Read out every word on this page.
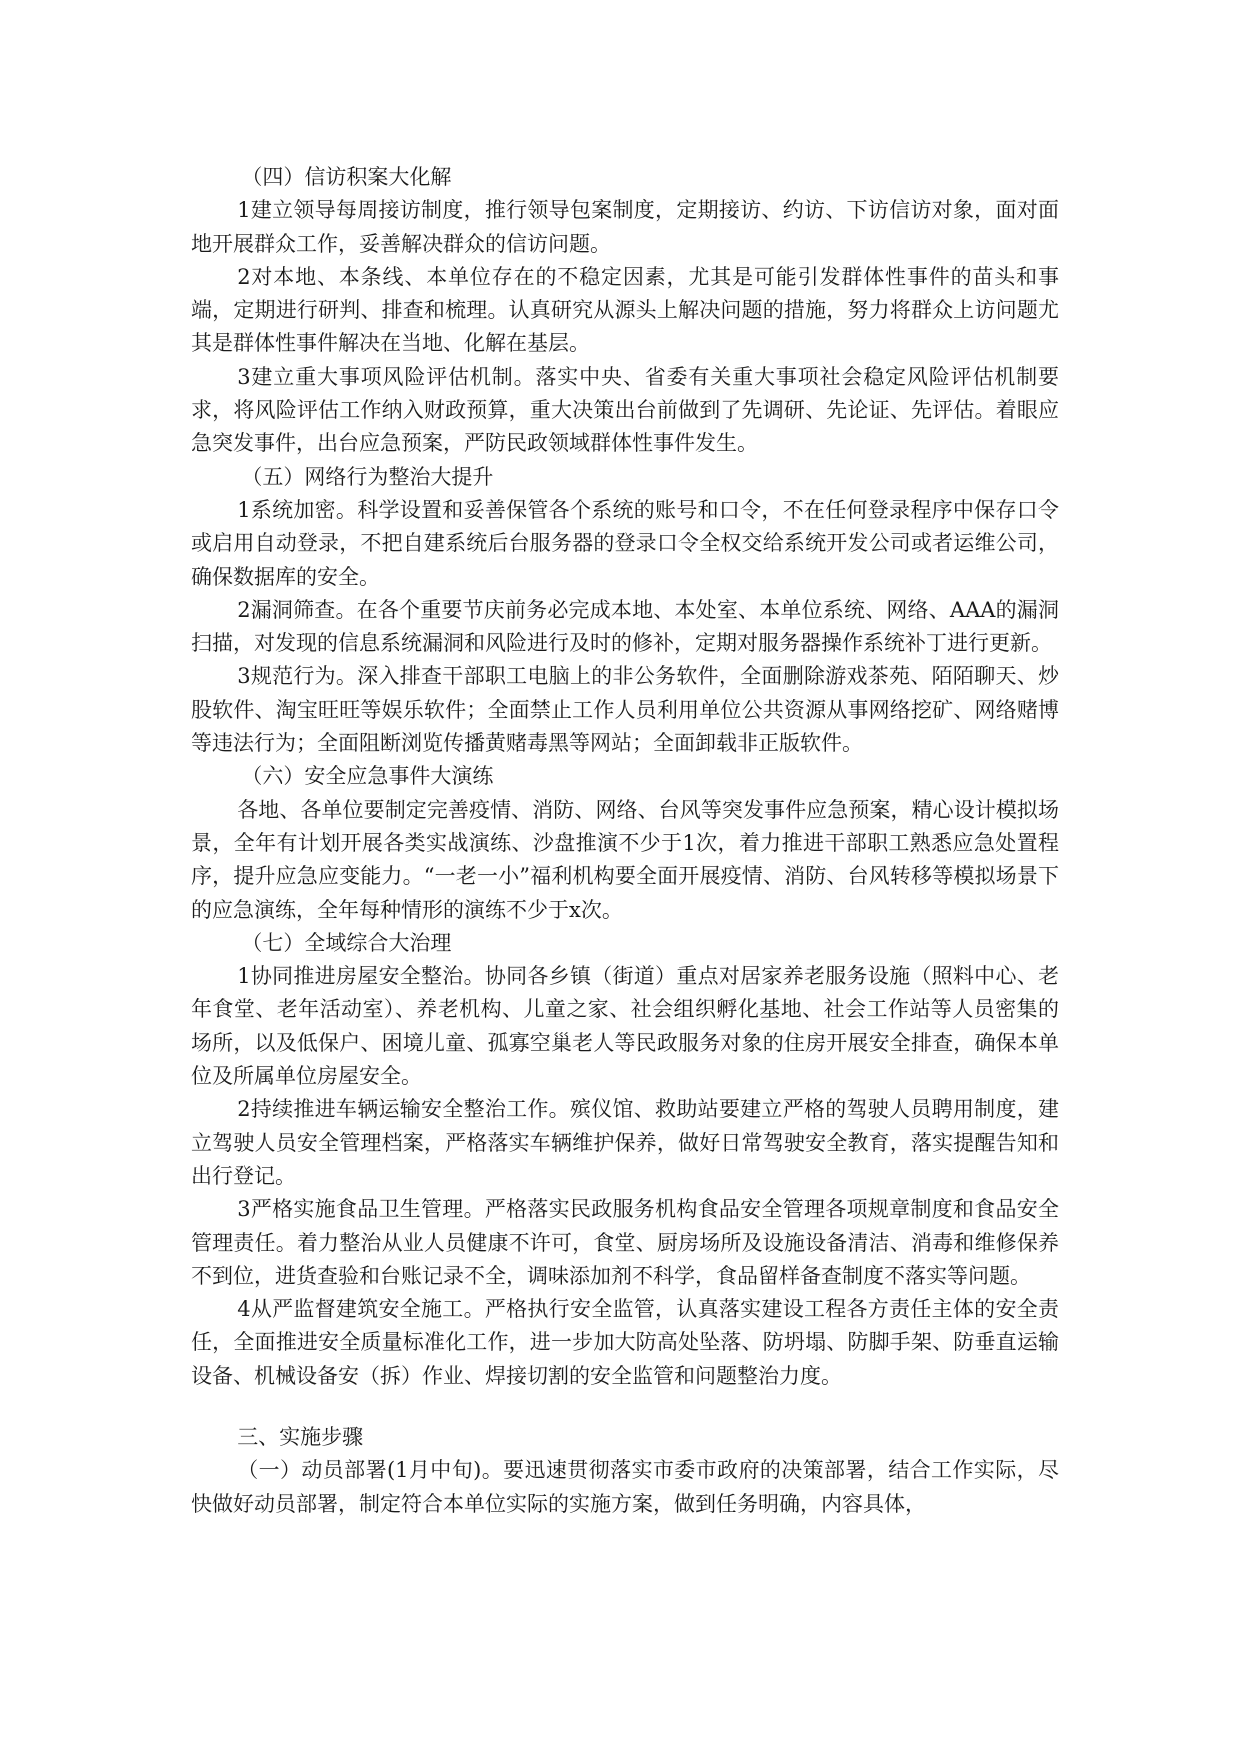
（四）信访积案大化解

1建立领导每周接访制度，推行领导包案制度，定期接访、约访、下访信访对象，面对面地开展群众工作，妥善解决群众的信访问题。

2对本地、本条线、本单位存在的不稳定因素，尤其是可能引发群体性事件的苗头和事端，定期进行研判、排查和梳理。认真研究从源头上解决问题的措施，努力将群众上访问题尤其是群体性事件解决在当地、化解在基层。

3建立重大事项风险评估机制。落实中央、省委有关重大事项社会稳定风险评估机制要求，将风险评估工作纳入财政预算，重大决策出台前做到了先调研、先论证、先评估。着眼应急突发事件，出台应急预案，严防民政领域群体性事件发生。

（五）网络行为整治大提升

1系统加密。科学设置和妥善保管各个系统的账号和口令，不在任何登录程序中保存口令或启用自动登录，不把自建系统后台服务器的登录口令全权交给系统开发公司或者运维公司，确保数据库的安全。

2漏洞筛查。在各个重要节庆前务必完成本地、本处室、本单位系统、网络、AAA的漏洞扫描，对发现的信息系统漏洞和风险进行及时的修补，定期对服务器操作系统补丁进行更新。

3规范行为。深入排查干部职工电脑上的非公务软件，全面删除游戏茶苑、陌陌聊天、炒股软件、淘宝旺旺等娱乐软件；全面禁止工作人员利用单位公共资源从事网络挖矿、网络赌博等违法行为；全面阻断浏览传播黄赌毒黑等网站；全面卸载非正版软件。

（六）安全应急事件大演练

各地、各单位要制定完善疫情、消防、网络、台风等突发事件应急预案，精心设计模拟场景，全年有计划开展各类实战演练、沙盘推演不少于1次，着力推进干部职工熟悉应急处置程序，提升应急应变能力。“一老一小”福利机构要全面开展疫情、消防、台风转移等模拟场景下的应急演练，全年每种情形的演练不少于x次。

（七）全域综合大治理

1协同推进房屋安全整治。协同各乡镇（街道）重点对居家养老服务设施（照料中心、老年食堂、老年活动室）、养老机构、儿童之家、社会组织孵化基地、社会工作站等人员密集的场所，以及低保户、困境儿童、孤寡空巢老人等民政服务对象的住房开展安全排查，确保本单位及所属单位房屋安全。

2持续推进车辆运输安全整治工作。殡仪馆、救助站要建立严格的驾驶人员聘用制度，建立驾驶人员安全管理档案，严格落实车辆维护保养，做好日常驾驶安全教育，落实提醒告知和出行登记。

3严格实施食品卫生管理。严格落实民政服务机构食品安全管理各项规章制度和食品安全管理责任。着力整治从业人员健康不许可，食堂、厨房场所及设施设备清洁、消毒和维修保养不到位，进货查验和台账记录不全，调味添加剂不科学，食品留样备查制度不落实等问题。

4从严监督建筑安全施工。严格执行安全监管，认真落实建设工程各方责任主体的安全责任，全面推进安全质量标准化工作，进一步加大防高处坠落、防坍塌、防脚手架、防垂直运输设备、机械设备安（拆）作业、焊接切割的安全监管和问题整治力度。

三、实施步骤

（一）动员部署(1月中旬)。要迅速贯彻落实市委市政府的决策部署，结合工作实际，尽快做好动员部署，制定符合本单位实际的实施方案，做到任务明确，内容具体，
